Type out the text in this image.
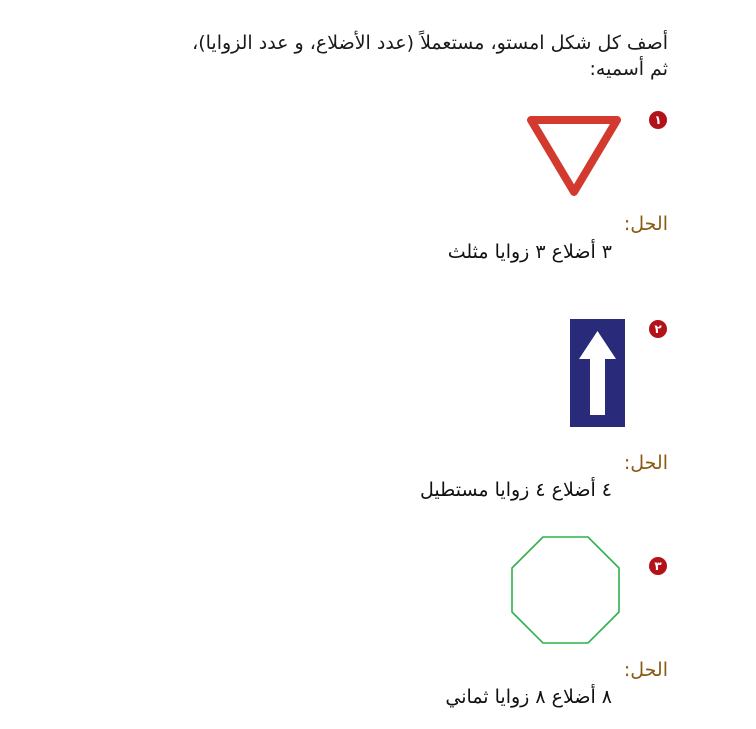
أصف كل شكل امستو، مستعملاً (عدد الأضلاع، و عدد الزوايا)،
ثم أسميه:
١
الحل:
٣ أضلاع ٣ زوايا مثلث
٢
الحل:
٤ أضلاع ٤ زوايا مستطيل
٣
الحل:
٨ أضلاع ٨ زوايا ثماني
